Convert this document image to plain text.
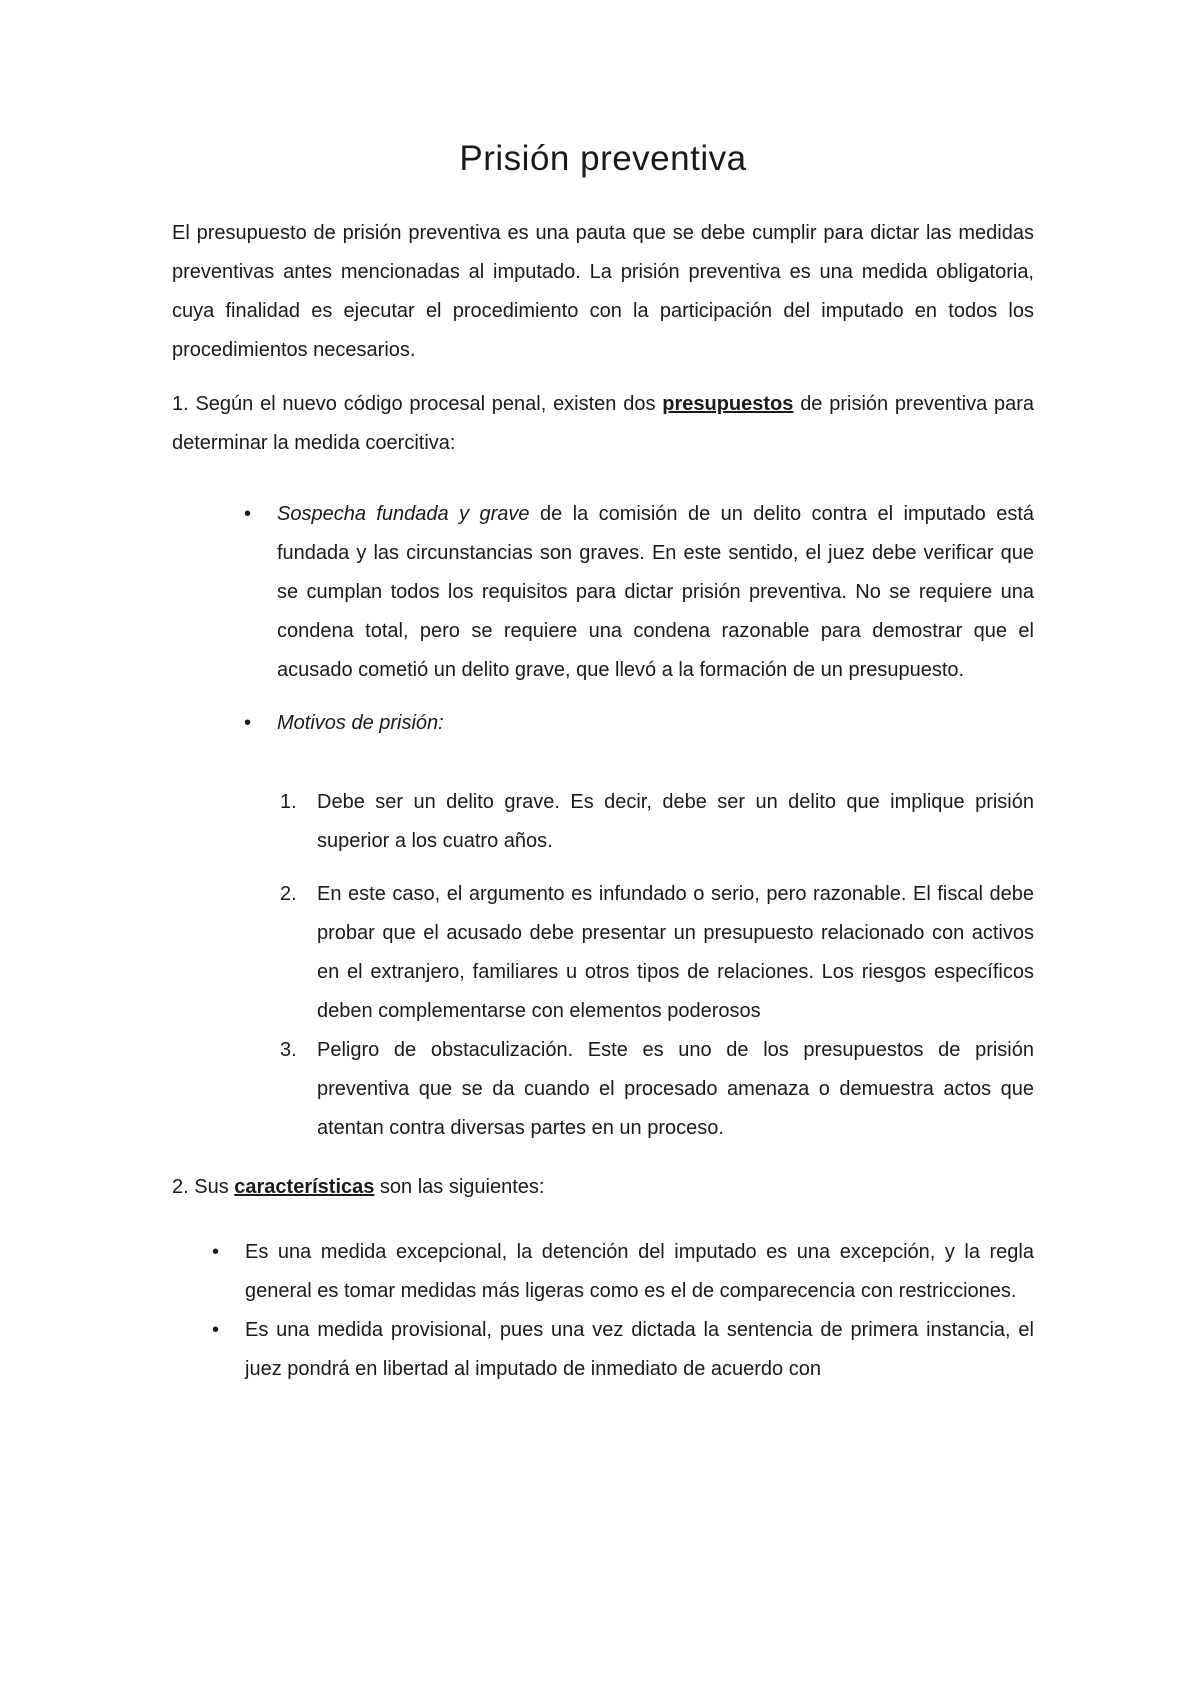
Prisión preventiva

El presupuesto de prisión preventiva es una pauta que se debe cumplir para dictar las medidas preventivas antes mencionadas al imputado. La prisión preventiva es una medida obligatoria, cuya finalidad es ejecutar el procedimiento con la participación del imputado en todos los procedimientos necesarios.

1. Según el nuevo código procesal penal, existen dos presupuestos de prisión preventiva para determinar la medida coercitiva:

•	Sospecha fundada y grave de la comisión de un delito contra el imputado está fundada y las circunstancias son graves. En este sentido, el juez debe verificar que se cumplan todos los requisitos para dictar prisión preventiva. No se requiere una condena total, pero se requiere una condena razonable para demostrar que el acusado cometió un delito grave, que llevó a la formación de un presupuesto.
•	Motivos de prisión:
1. Debe ser un delito grave. Es decir, debe ser un delito que implique prisión superior a los cuatro años.
2. En este caso, el argumento es infundado o serio, pero razonable. El fiscal debe probar que el acusado debe presentar un presupuesto relacionado con activos en el extranjero, familiares u otros tipos de relaciones. Los riesgos específicos deben complementarse con elementos poderosos
3. Peligro de obstaculización. Este es uno de los presupuestos de prisión preventiva que se da cuando el procesado amenaza o demuestra actos que atentan contra diversas partes en un proceso.

2. Sus características son las siguientes:

• Es una medida excepcional, la detención del imputado es una excepción, y la regla general es tomar medidas más ligeras como es el de comparecencia con restricciones.
• Es una medida provisional, pues una vez dictada la sentencia de primera instancia, el juez pondrá en libertad al imputado de inmediato de acuerdo con
